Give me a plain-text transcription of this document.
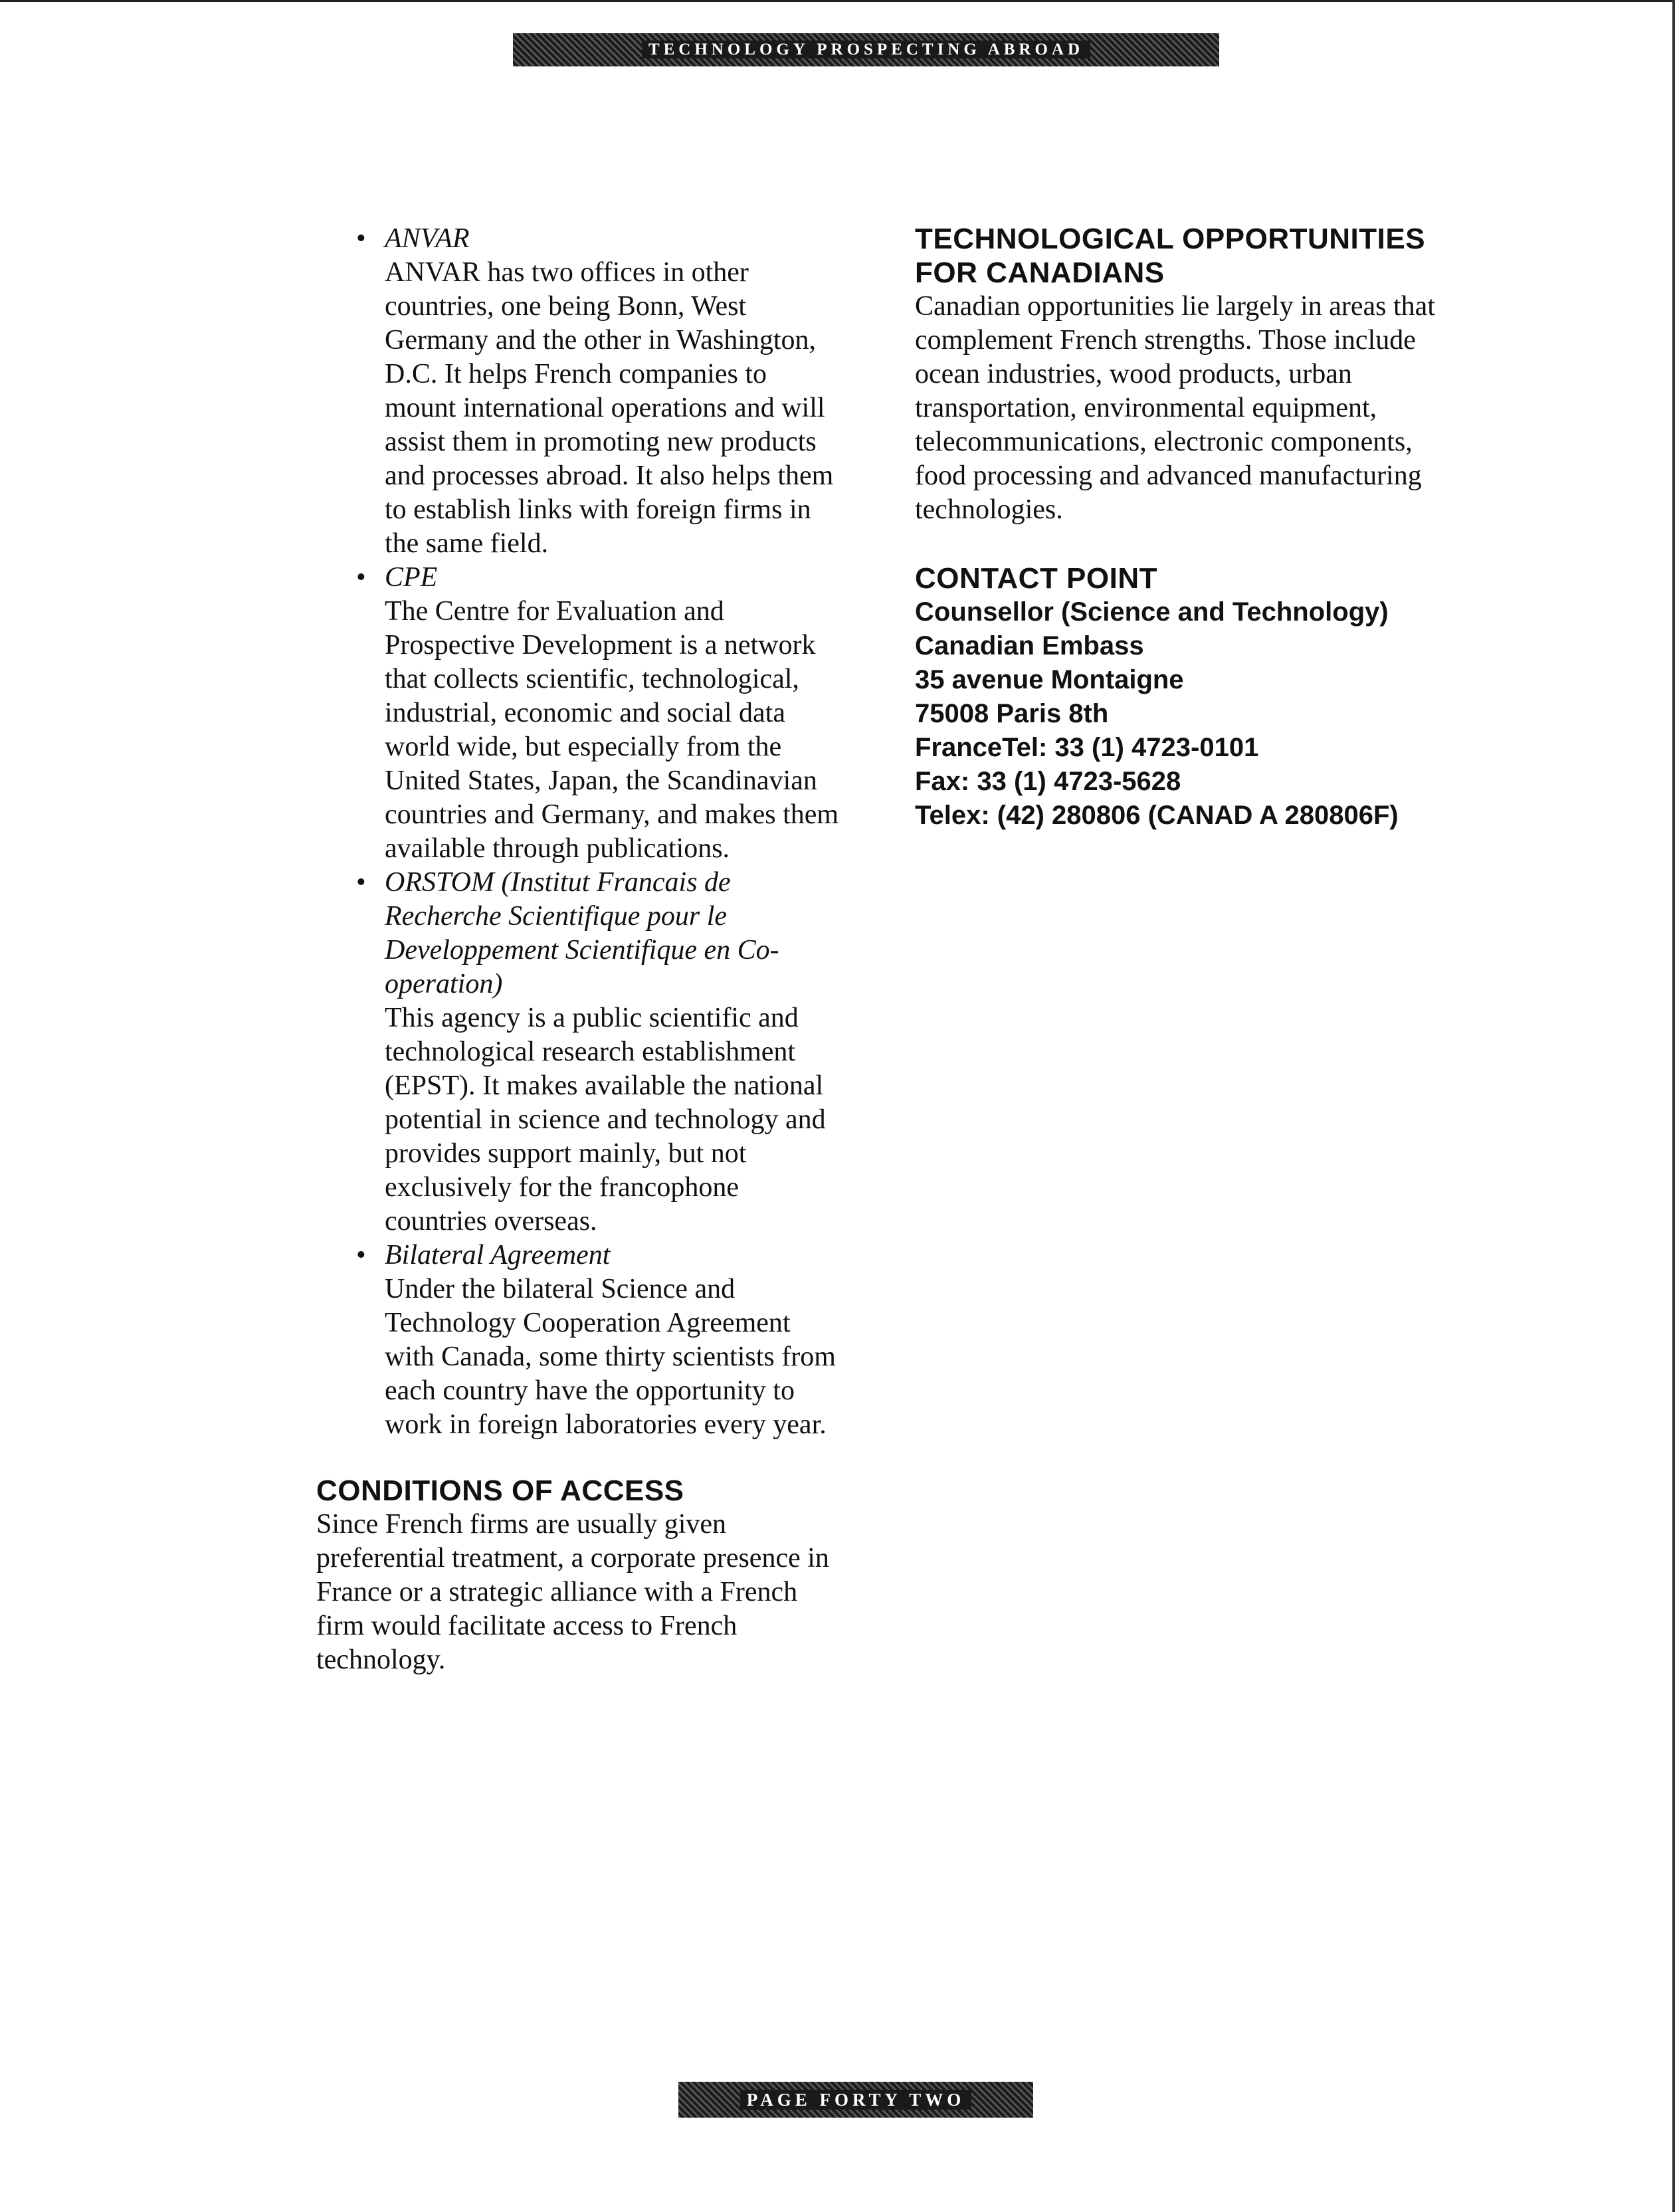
TECHNOLOGY PROSPECTING ABROAD
• ANVAR
ANVAR has two offices in other countries, one being Bonn, West Germany and the other in Washington, D.C. It helps French companies to mount international operations and will assist them in promoting new products and processes abroad. It also helps them to establish links with foreign firms in the same field.
• CPE
The Centre for Evaluation and Prospective Development is a network that collects scientific, technological, industrial, economic and social data world wide, but especially from the United States, Japan, the Scandinavian countries and Germany, and makes them available through publications.
• ORSTOM (Institut Francais de Recherche Scientifique pour le Developpement Scientifique en Co-operation)
This agency is a public scientific and technological research establishment (EPST). It makes available the national potential in science and technology and provides support mainly, but not exclusively for the francophone countries overseas.
• Bilateral Agreement
Under the bilateral Science and Technology Cooperation Agreement with Canada, some thirty scientists from each country have the opportunity to work in foreign laboratories every year.
CONDITIONS OF ACCESS

Since French firms are usually given preferential treatment, a corporate presence in France or a strategic alliance with a French firm would facilitate access to French technology.

TECHNOLOGICAL OPPORTUNITIES FOR CANADIANS

Canadian opportunities lie largely in areas that complement French strengths. Those include ocean industries, wood products, urban transportation, environmental equipment, telecommunications, electronic components, food processing and advanced manufacturing technologies.

CONTACT POINT
Counsellor (Science and Technology)
Canadian Embass
35 avenue Montaigne
75008 Paris 8th
FranceTel: 33 (1) 4723-0101
Fax: 33 (1) 4723-5628
Telex: (42) 280806 (CANAD A 280806F)
PAGE FORTY TWO
